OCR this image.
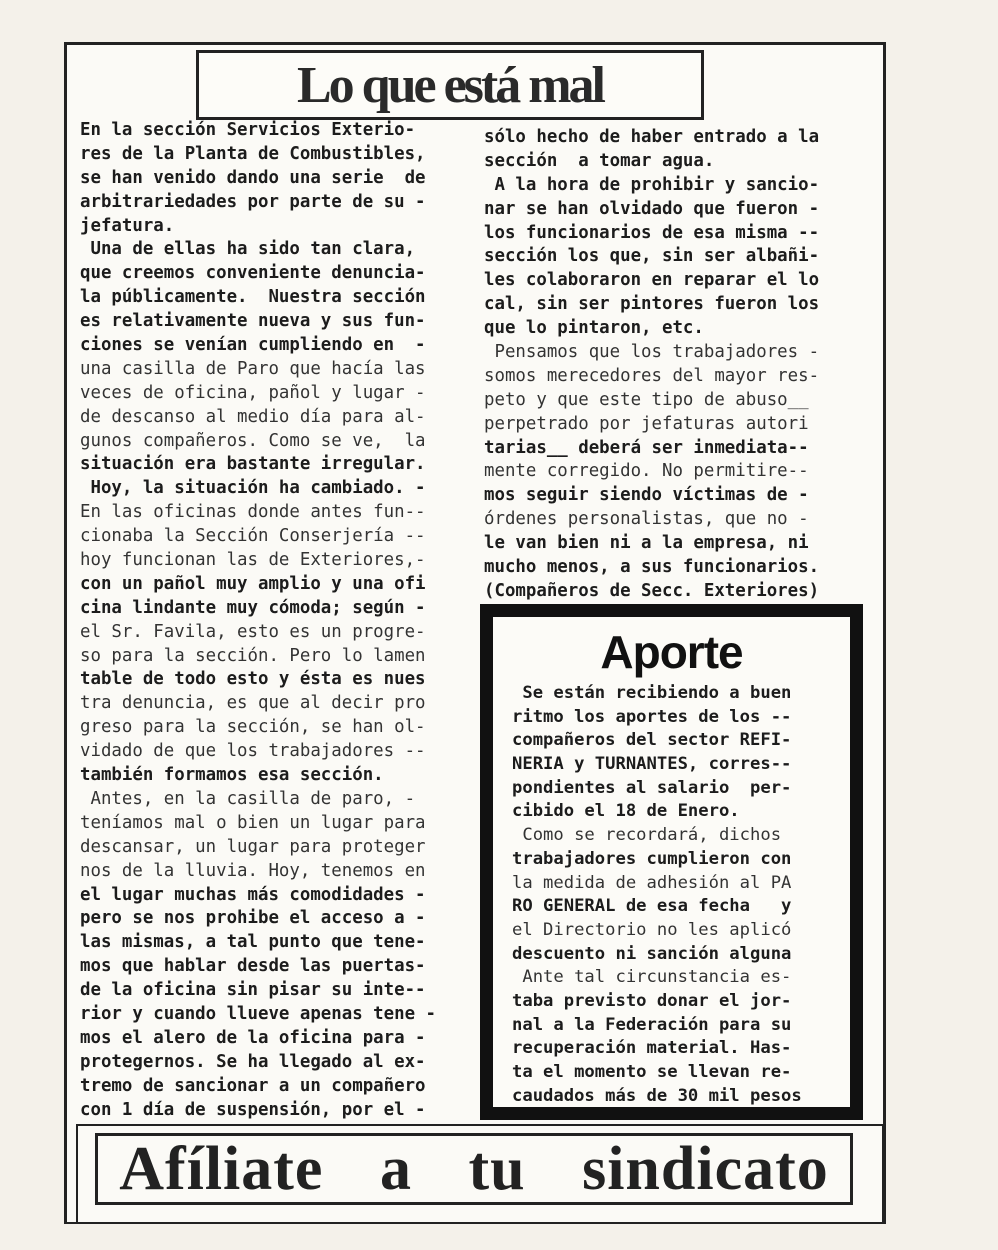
Lo que está mal
En la sección Servicios Exterio-
res de la Planta de Combustibles,
se han venido dando una serie  de
arbitrariedades por parte de su -
jefatura.
Una de ellas ha sido tan clara,
que creemos conveniente denuncia-
la públicamente.  Nuestra sección
es relativamente nueva y sus fun-
ciones se venían cumpliendo en  -
una casilla de Paro que hacía las
veces de oficina, pañol y lugar -
de descanso al medio día para al-
gunos compañeros. Como se ve,  la
situación era bastante irregular.
Hoy, la situación ha cambiado. -
En las oficinas donde antes fun--
cionaba la Sección Conserjería --
hoy funcionan las de Exteriores,-
con un pañol muy amplio y una ofi
cina lindante muy cómoda; según -
el Sr. Favila, esto es un progre-
so para la sección. Pero lo lamen
table de todo esto y ésta es nues
tra denuncia, es que al decir pro
greso para la sección, se han ol-
vidado de que los trabajadores --
también formamos esa sección.
Antes, en la casilla de paro, -
teníamos mal o bien un lugar para
descansar, un lugar para proteger
nos de la lluvia. Hoy, tenemos en
el lugar muchas más comodidades -
pero se nos prohibe el acceso a -
las mismas, a tal punto que tene-
mos que hablar desde las puertas-
de la oficina sin pisar su inte--
rior y cuando llueve apenas tene -
mos el alero de la oficina para -
protegernos. Se ha llegado al ex-
tremo de sancionar a un compañero
con 1 día de suspensión, por el -
sólo hecho de haber entrado a la
sección  a tomar agua.
A la hora de prohibir y sancio-
nar se han olvidado que fueron -
los funcionarios de esa misma --
sección los que, sin ser albañi-
les colaboraron en reparar el lo
cal, sin ser pintores fueron los
que lo pintaron, etc.
Pensamos que los trabajadores -
somos merecedores del mayor res-
peto y que este tipo de abuso__
perpetrado por jefaturas autori
tarias__ deberá ser inmediata--
mente corregido. No permitire--
mos seguir siendo víctimas de -
órdenes personalistas, que no -
le van bien ni a la empresa, ni
mucho menos, a sus funcionarios.
(Compañeros de Secc. Exteriores)
Aporte
Se están recibiendo a buen
ritmo los aportes de los --
compañeros del sector REFI-
NERIA y TURNANTES, corres--
pondientes al salario  per-
cibido el 18 de Enero.
Como se recordará, dichos
trabajadores cumplieron con
la medida de adhesión al PA
RO GENERAL de esa fecha   y
el Directorio no les aplicó
descuento ni sanción alguna
Ante tal circunstancia es-
taba previsto donar el jor-
nal a la Federación para su
recuperación material. Has-
ta el momento se llevan re-
caudados más de 30 mil pesos
Afíliate a tu sindicato
